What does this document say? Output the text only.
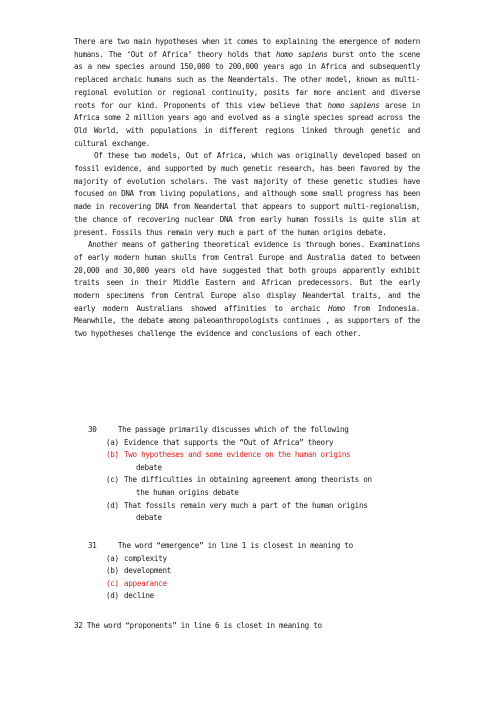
There are two main hypotheses when it comes to explaining the emergence of modern humans. The ‘Out of Africa’ theory holds that homo sapiens burst onto the scene as a new species around 150,000 to 200,000 years ago in Africa and subsequently replaced archaic humans such as the Neandertals. The other model, known as multi-regional evolution or regional continuity, posits far more ancient and diverse roots for our kind. Proponents of this view believe that homo sapiens arose in Africa some 2 million years ago and evolved as a single species spread across the Old World, with populations in different regions linked through genetic and cultural exchange.

Of these two models, Out of Africa, which was originally developed based on fossil evidence, and supported by much genetic research, has been favored by the majority of evolution scholars. The vast majority of these genetic studies have focused on DNA from living populations, and although some small progress has been made in recovering DNA from Neandertal that appears to support multi-regionalism, the chance of recovering nuclear DNA from early human fossils is quite slim at present. Fossils thus remain very much a part of the human origins debate.

Another means of gathering theoretical evidence is through bones. Examinations of early modern human skulls from Central Europe and Australia dated to between 20,000 and 30,000 years old have suggested that both groups apparently exhibit traits seen in their Middle Eastern and African predecessors. But the early modern specimens from Central Europe also display Neandertal traits, and the early modern Australians showed affinities to archaic Homo from Indonesia. Meanwhile, the debate among paleoanthropologists continues , as supporters of the two hypotheses challenge the evidence and conclusions of each other.

30     The passage primarily discusses which of the following
(a) Evidence that supports the “Out of Africa” theory
(b) Two hypotheses and some evidence on the human origins
debate
(c) The difficulties in obtaining agreement among theorists on
the human origins debate
(d) That fossils remain very much a part of the human origins
debate
31     The word “emergence” in line 1 is closest in meaning to
(a) complexity
(b) development
(c) appearance
(d) decline
32 The word “proponents” in line 6 is closet in meaning to
